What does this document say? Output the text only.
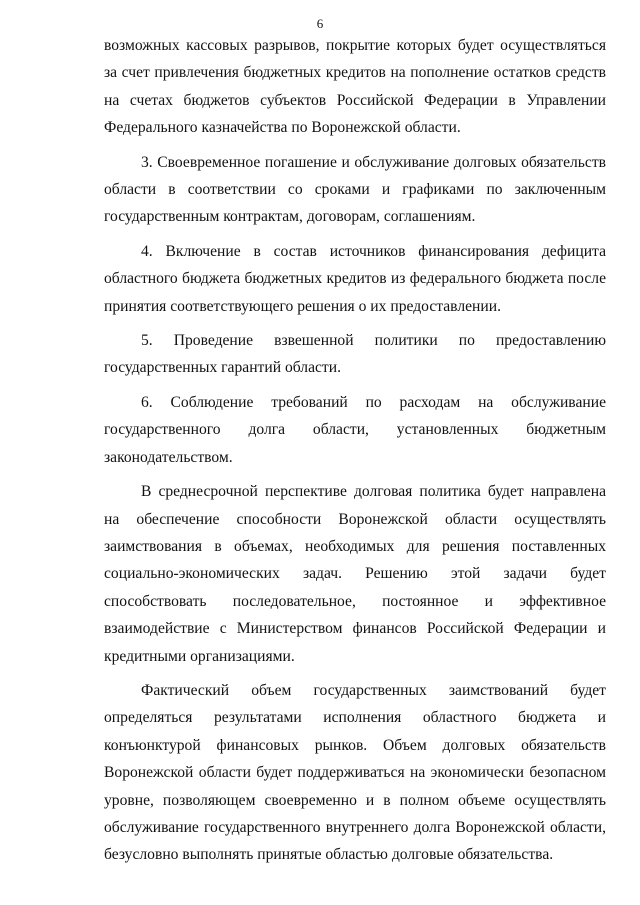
6

возможных кассовых разрывов, покрытие которых будет осуществляться за счет привлечения бюджетных кредитов на пополнение остатков средств на счетах бюджетов субъектов Российской Федерации в Управлении Федерального казначейства по Воронежской области.

3. Своевременное погашение и обслуживание долговых обязательств области в соответствии со сроками и графиками по заключенным государственным контрактам, договорам, соглашениям.

4. Включение в состав источников финансирования дефицита областного бюджета бюджетных кредитов из федерального бюджета после принятия соответствующего решения о их предоставлении.

5. Проведение взвешенной политики по предоставлению государственных гарантий области.

6. Соблюдение требований по расходам на обслуживание государственного долга области, установленных бюджетным законодательством.

В среднесрочной перспективе долговая политика будет направлена на обеспечение способности Воронежской области осуществлять заимствования в объемах, необходимых для решения поставленных социально-экономических задач. Решению этой задачи будет способствовать последовательное, постоянное и эффективное взаимодействие с Министерством финансов Российской Федерации и кредитными организациями.

Фактический объем государственных заимствований будет определяться результатами исполнения областного бюджета и конъюнктурой финансовых рынков. Объем долговых обязательств Воронежской области будет поддерживаться на экономически безопасном уровне, позволяющем своевременно и в полном объеме осуществлять обслуживание государственного внутреннего долга Воронежской области, безусловно выполнять принятые областью долговые обязательства.
